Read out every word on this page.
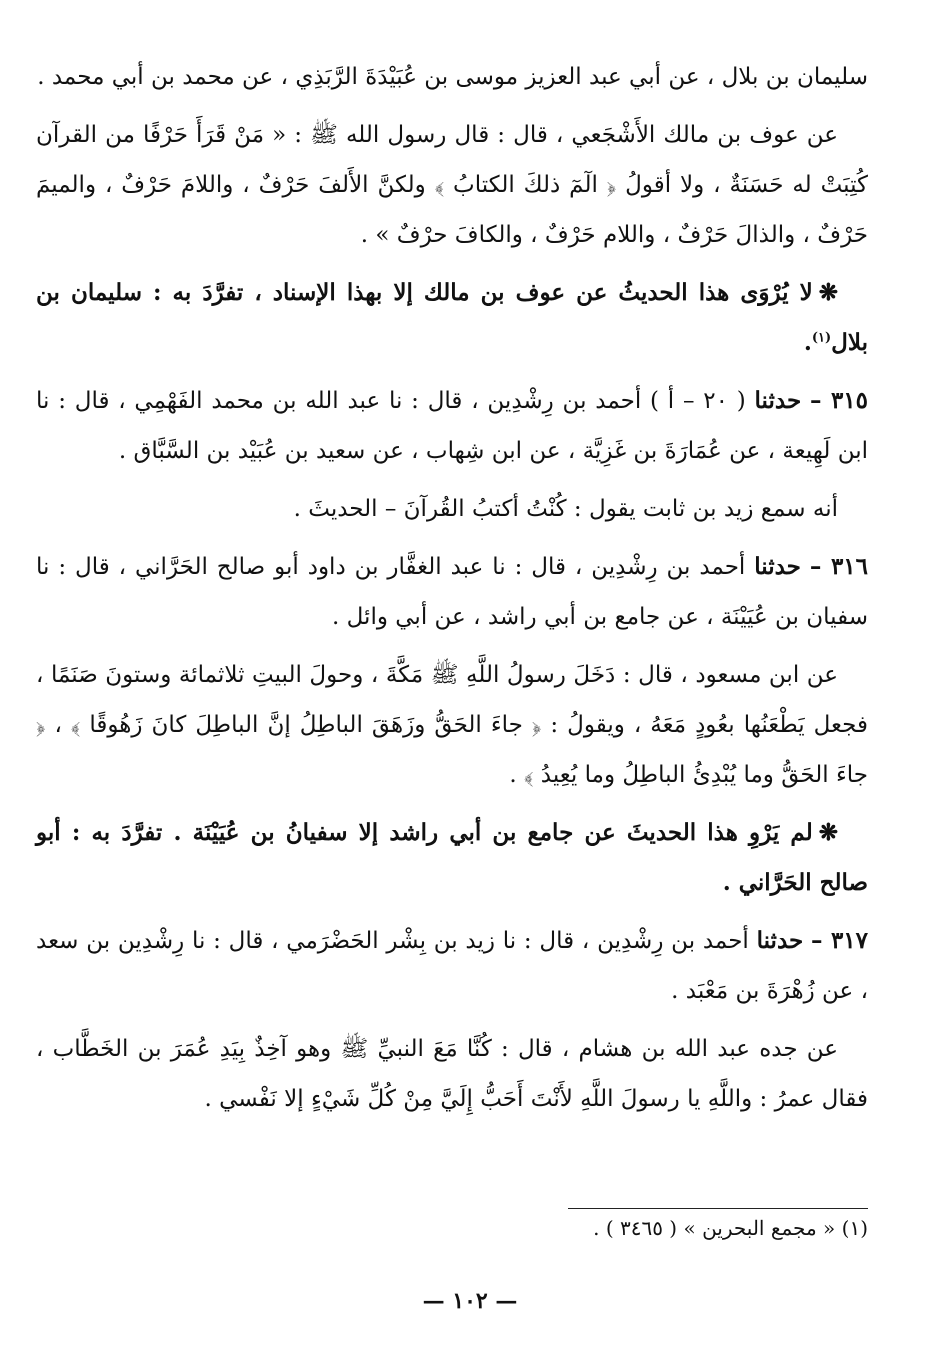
سليمان بن بلال ، عن أبي عبد العزيز موسى بن عُبَيْدَةَ الرَّبَذِي ، عن محمد بن أبي محمد .

عن عوف بن مالك الأَشْجَعي ، قال : قال رسول الله ﷺ : « مَنْ قَرَأَ حَرْفًا من القرآن كُتِبَتْ له حَسَنَةٌ ، ولا أقولُ ﴿ الٓمٓ ذلكَ الكتابُ ﴾ ولكنَّ الأَلفَ حَرْفٌ ، واللامَ حَرْفٌ ، والميمَ حَرْفٌ ، والذالَ حَرْفٌ ، واللام حَرْفٌ ، والكافَ حرْفٌ » .

❋لا يُرْوَى هذا الحديثُ عن عوف بن مالك إلا بهذا الإسناد ، تفرَّدَ به : سليمان بن بلال$^{(١)}$.

٣١٥ – حدثنا ( ٢٠ – أ ) أحمد بن رِشْدِين ، قال : نا عبد الله بن محمد الفَهْمِي ، قال : نا ابن لَهِيعة ، عن عُمَارَةَ بن غَزِيَّة ، عن ابن شِهاب ، عن سعيد بن عُبَيْد بن السَّبَّاق .

أنه سمع زيد بن ثابت يقول : كُنْتُ أكتبُ القُرآنَ – الحديثَ .

٣١٦ – حدثنا أحمد بن رِشْدِين ، قال : نا عبد الغفَّار بن داود أبو صالح الحَرَّاني ، قال : نا سفيان بن عُيَيْنَة ، عن جامع بن أبي راشد ، عن أبي وائل .

عن ابن مسعود ، قال : دَخَلَ رسولُ اللَّهِ ﷺ مَكَّةَ ، وحولَ البيتِ ثلاثمائة وستونَ صَنَمًا ، فجعل يَطْعَنُها بعُودٍ مَعَهُ ، ويقولُ : ﴿ جاءَ الحَقُّ وزَهَقَ الباطِلُ إنَّ الباطِلَ كانَ زَهُوقًا ﴾ ، ﴿ جاءَ الحَقُّ وما يُبْدِئُ الباطِلُ وما يُعِيدُ ﴾ .

❋لم يَرْوِ هذا الحديثَ عن جامع بن أبي راشد إلا سفيانُ بن عُيَيْنَة . تفرَّدَ به : أبو صالح الحَرَّاني .

٣١٧ – حدثنا أحمد بن رِشْدِين ، قال : نا زيد بن بِشْر الحَضْرَمي ، قال : نا رِشْدِين بن سعد ، عن زُهْرَةَ بن مَعْبَد .

عن جده عبد الله بن هشام ، قال : كُنَّا مَعَ النبيِّ ﷺ وهو آخِذٌ بِيَدِ عُمَرَ بن الخَطَّاب ، فقال عمرُ : واللَّهِ يا رسولَ اللَّهِ لأَنْتَ أَحَبُّ إِلَيَّ مِنْ كُلِّ شَيْءٍ إلا نَفْسي .

(١) « مجمع البحرين » ( ٣٤٦٥ ) .
— ١٠٢ —
